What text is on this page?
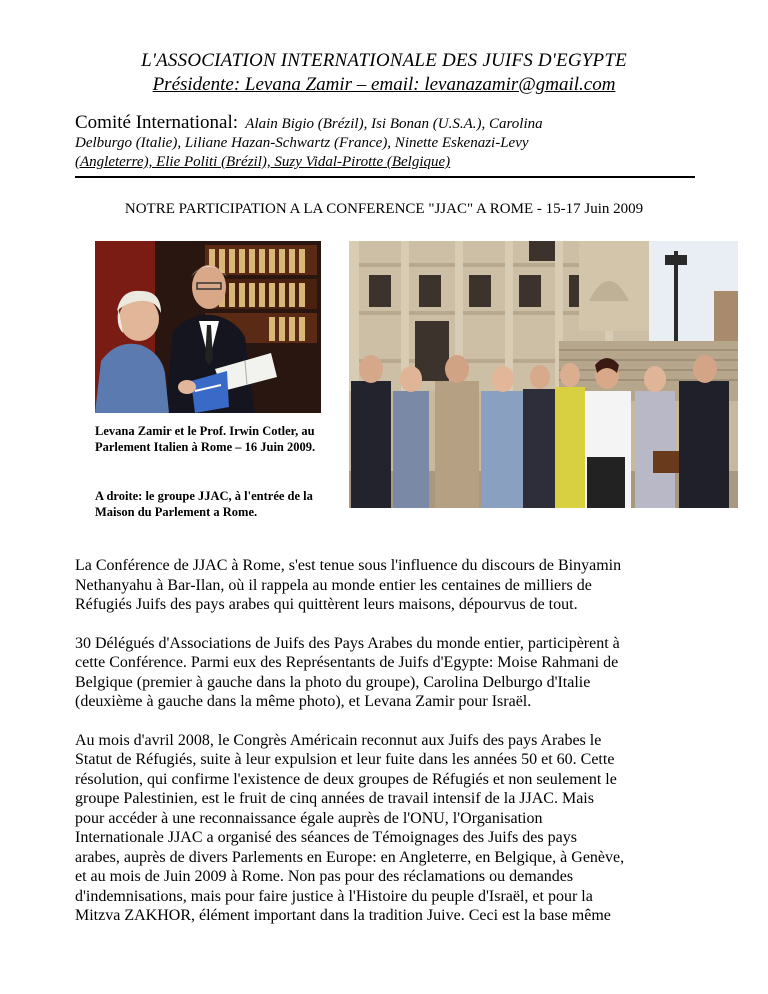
L'ASSOCIATION INTERNATIONALE DES JUIFS D'EGYPTE
Présidente: Levana Zamir – email: levanazamir@gmail.com
Comité International: Alain Bigio (Brézil), Isi Bonan (U.S.A.), Carolina
Delburgo (Italie), Liliane Hazan-Schwartz (France), Ninette Eskenazi-Levy
(Angleterre), Elie Politi (Brézil), Suzy Vidal-Pirotte (Belgique)
NOTRE PARTICIPATION A LA CONFERENCE "JJAC" A ROME - 15-17 Juin 2009
Levana Zamir et le Prof. Irwin Cotler, au Parlement Italien à Rome – 16 Juin 2009.
A droite: le groupe JJAC, à l'entrée de la Maison du Parlement a Rome.
La Conférence de JJAC à Rome, s'est tenue sous l'influence du discours de Binyamin
Nethanyahu à Bar-Ilan, où il rappela au monde entier les centaines de milliers de
Réfugiés Juifs des pays arabes qui quittèrent leurs maisons, dépourvus de tout.
30 Délégués d'Associations de Juifs des Pays Arabes du monde entier, participèrent à
cette Conférence. Parmi eux des Représentants de Juifs d'Egypte: Moise Rahmani de
Belgique (premier à gauche dans la photo du groupe), Carolina Delburgo d'Italie
(deuxième à gauche dans la même photo), et Levana Zamir pour Israël.
Au mois d'avril 2008, le Congrès Américain reconnut aux Juifs des pays Arabes le
Statut de Réfugiés, suite à leur expulsion et leur fuite dans les années 50 et 60. Cette
résolution, qui confirme l'existence de deux groupes de Réfugiés et non seulement le
groupe Palestinien, est le fruit de cinq années de travail intensif de la JJAC. Mais
pour accéder à une reconnaissance égale auprès de l'ONU, l'Organisation
Internationale JJAC a organisé des séances de Témoignages des Juifs des pays
arabes, auprès de divers Parlements en Europe: en Angleterre, en Belgique, à Genève,
et au mois de Juin 2009 à Rome. Non pas pour des réclamations ou demandes
d'indemnisations, mais pour faire justice à l'Histoire du peuple d'Israël, et pour la
Mitzva ZAKHOR, élément important dans la tradition Juive. Ceci est la base même
